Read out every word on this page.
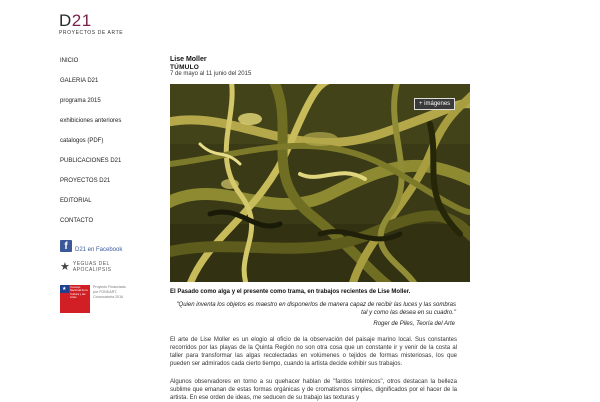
D21
PROYECTOS DE ARTE
INICIO
GALERIA D21
programa 2015
exhibiciones anteriores
catalogos (PDF)
PUBLICACIONES D21
PROYECTOS D21
EDITORIAL
CONTACTO
f	D21 en Facebook
★ YEGUAS DEL
APOCALIPSIS
★ Consejo Nacional de la Cultura y las Artes
Proyecto Financiado por FONDART, Convocatoria 2016
Lise Moller
TÚMULO
7 de mayo al 11 junio del 2015
+ imágenes
El Pasado como alga y el presente como trama, en trabajos recientes de Lise Moller.
"Quien inventa los objetos es maestro en disponerlos de manera capaz de recibir las luces y las sombras tal y como las desea en su cuadro."
Roger de Piles, Teoría del Arte

El arte de Lise Moller es un elogio al oficio de la observación del paisaje marino local. Sus constantes recorridos por las playas de la Quinta Región no son otra cosa que un constante ir y venir de la costa al taller para transformar las algas recolectadas en volúmenes o tejidos de formas misteriosas, los que pueden ser admirados cada cierto tiempo, cuando la artista decide exhibir sus trabajos.

Algunos observadores en torno a su quehacer hablan de "fardos totémicos", otros destacan la belleza sublime que emanan de estas formas orgánicas y de cromatismos simples, dignificados por el hacer de la artista. En ese orden de ideas, me seducen de su trabajo las texturas y
